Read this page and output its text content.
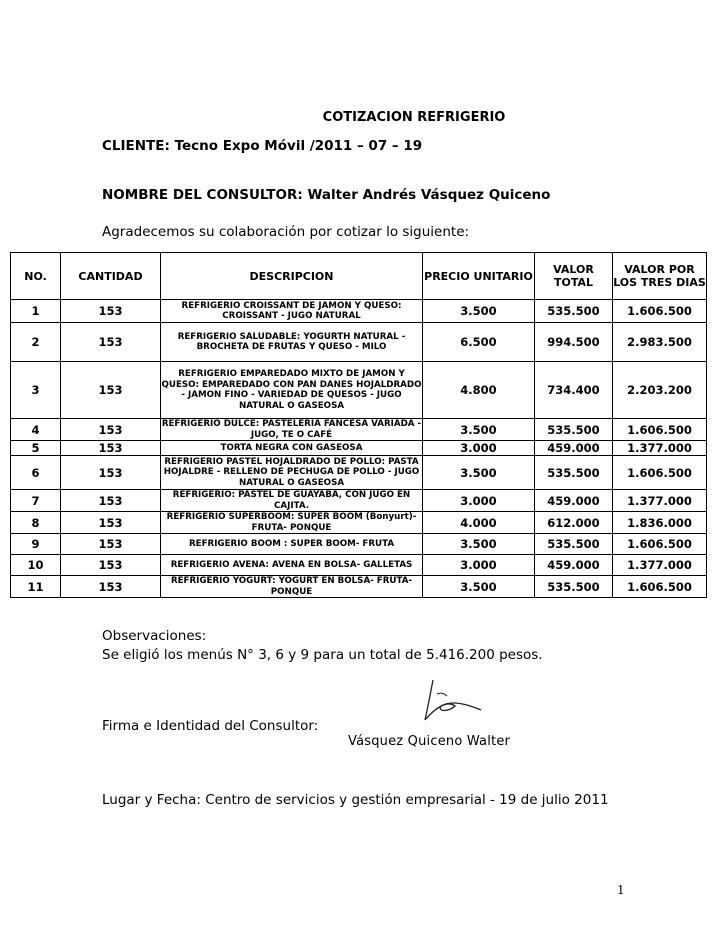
COTIZACION REFRIGERIO
CLIENTE: Tecno Expo Móvil /2011 – 07 – 19
NOMBRE DEL CONSULTOR: Walter Andrés Vásquez Quiceno
Agradecemos su colaboración por cotizar lo siguiente:
NO.	CANTIDAD	DESCRIPCION	PRECIO UNITARIO	VALOR TOTAL	VALOR POR LOS TRES DIAS
1	153	REFRIGERIO CROISSANT DE JAMON Y QUESO: CROISSANT - JUGO NATURAL	3.500	535.500	1.606.500
2	153	REFRIGERIO SALUDABLE: YOGURTH NATURAL - BROCHETA DE FRUTAS Y QUESO - MILO	6.500	994.500	2.983.500
3	153	REFRIGERIO EMPAREDADO MIXTO DE JAMON Y QUESO: EMPAREDADO CON PAN DANES HOJALDRADO - JAMON FINO - VARIEDAD DE QUESOS - JUGO NATURAL O GASEOSA	4.800	734.400	2.203.200
4	153	REFRIGERIO DULCE: PASTELERIA FANCESA VARIADA - JUGO, TE O CAFÉ	3.500	535.500	1.606.500
5	153	TORTA NEGRA CON GASEOSA	3.000	459.000	1.377.000
6	153	REFRIGERIO PASTEL HOJALDRADO DE POLLO: PASTA HOJALDRE - RELLENO DE PECHUGA DE POLLO - JUGO NATURAL O GASEOSA	3.500	535.500	1.606.500
7	153	REFRIGERIO: PASTEL DE GUAYABA, CON JUGO EN CAJITA.	3.000	459.000	1.377.000
8	153	REFRIGERIO SUPERBOOM: SUPER BOOM (Bonyurt)- FRUTA- PONQUE	4.000	612.000	1.836.000
9	153	REFRIGERIO BOOM : SUPER BOOM- FRUTA	3.500	535.500	1.606.500
10	153	REFRIGERIO AVENA: AVENA EN BOLSA- GALLETAS	3.000	459.000	1.377.000
11	153	REFRIGERIO YOGURT: YOGURT EN BOLSA- FRUTA- PONQUE	3.500	535.500	1.606.500
Observaciones:
Se eligió los menús N° 3, 6 y 9 para un total de 5.416.200 pesos.
Firma e Identidad del Consultor:
Vásquez Quiceno Walter
Lugar y Fecha: Centro de servicios y gestión empresarial - 19 de julio 2011
1
